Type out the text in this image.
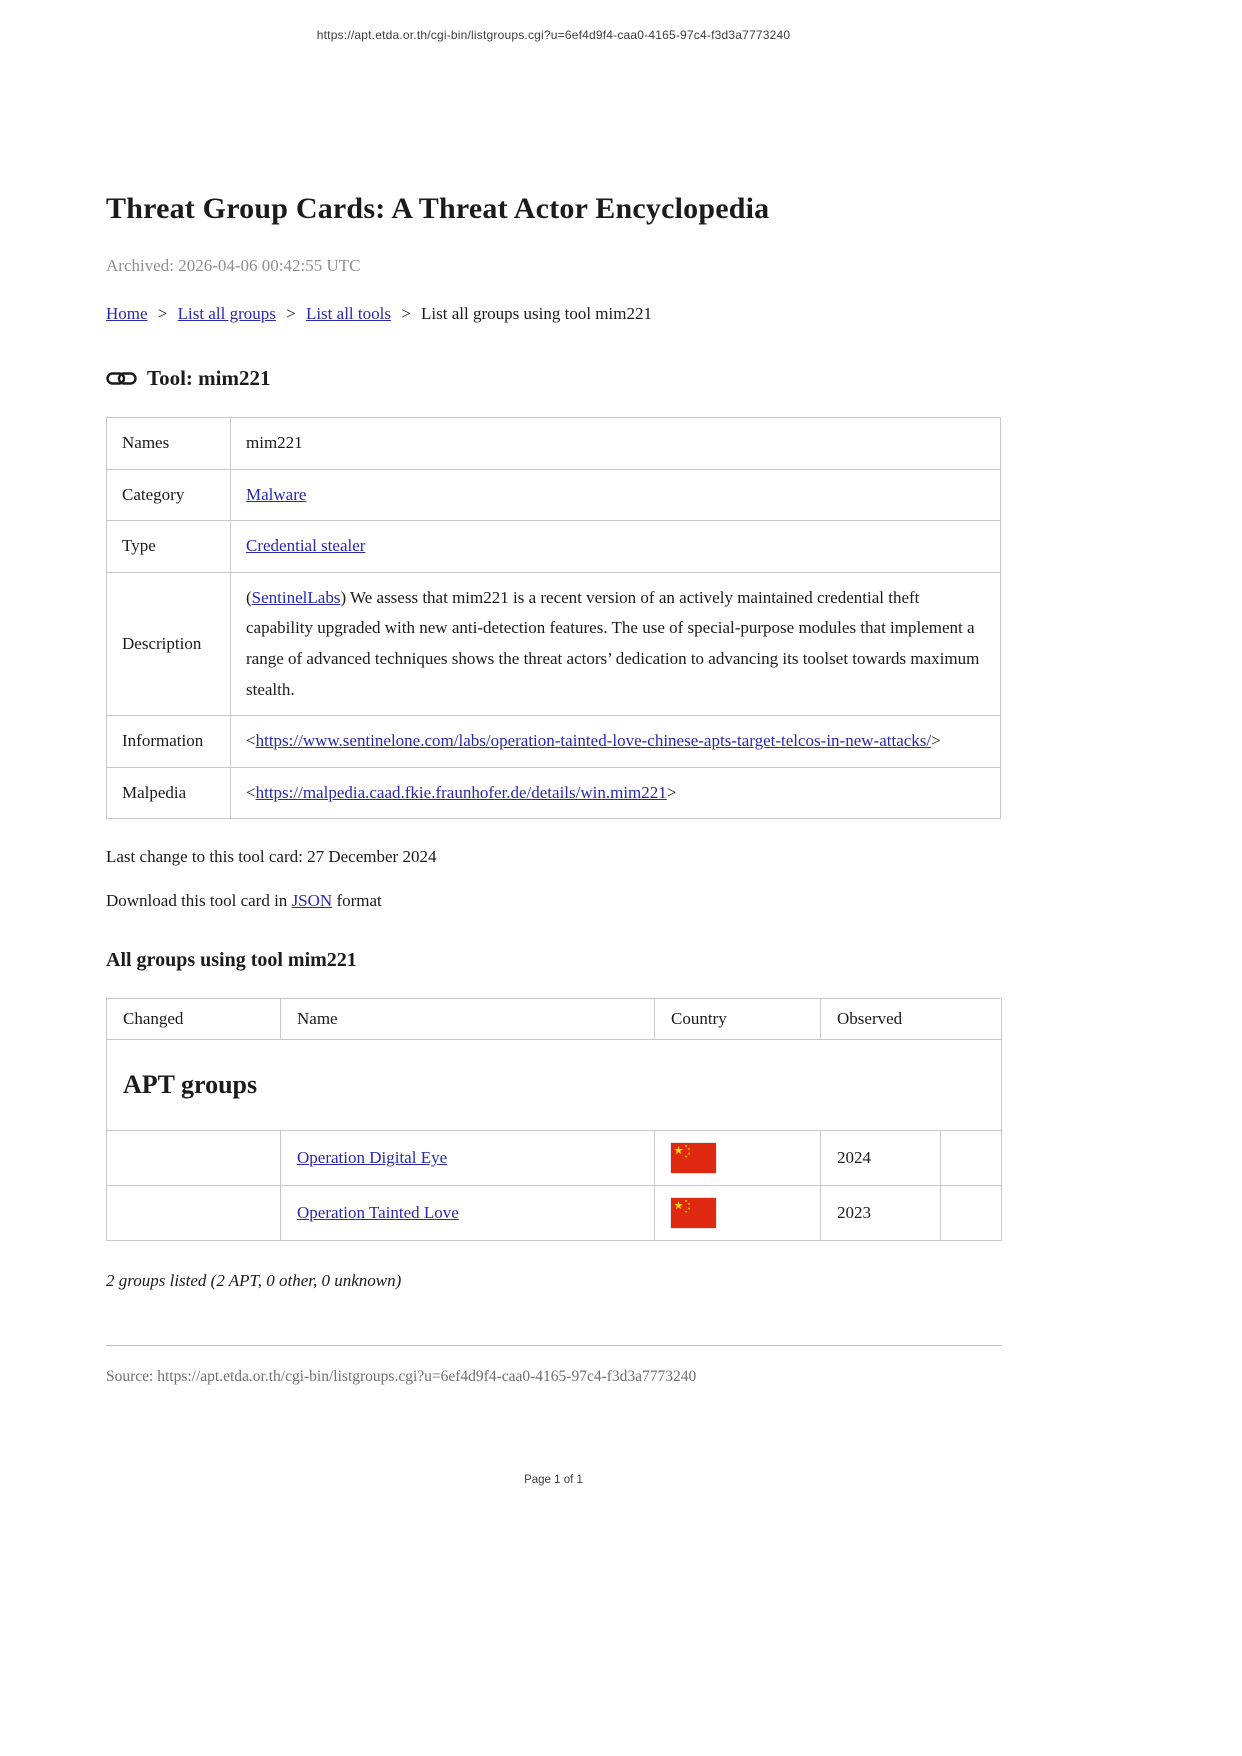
https://apt.etda.or.th/cgi-bin/listgroups.cgi?u=6ef4d9f4-caa0-4165-97c4-f3d3a7773240
Threat Group Cards: A Threat Actor Encyclopedia

Archived: 2026-04-06 00:42:55 UTC

Home > List all groups > List all tools > List all groups using tool mim221

Tool: mim221
Names	mim221
Category	Malware
Type	Credential stealer
Description	(SentinelLabs) We assess that mim221 is a recent version of an actively maintained credential theft capability upgraded with new anti-detection features. The use of special-purpose modules that implement a range of advanced techniques shows the threat actors’ dedication to advancing its toolset towards maximum stealth.
Information	<https://www.sentinelone.com/labs/operation-tainted-love-chinese-apts-target-telcos-in-new-attacks/>
Malpedia	<https://malpedia.caad.fkie.fraunhofer.de/details/win.mim221>

Last change to this tool card: 27 December 2024

Download this tool card in JSON format

All groups using tool mim221
Changed	Name	Country	Observed	
APT groups				
	Operation Digital Eye		2024	
	Operation Tainted Love		2023	

2 groups listed (2 APT, 0 other, 0 unknown)

Source: https://apt.etda.or.th/cgi-bin/listgroups.cgi?u=6ef4d9f4-caa0-4165-97c4-f3d3a7773240

Page 1 of 1
